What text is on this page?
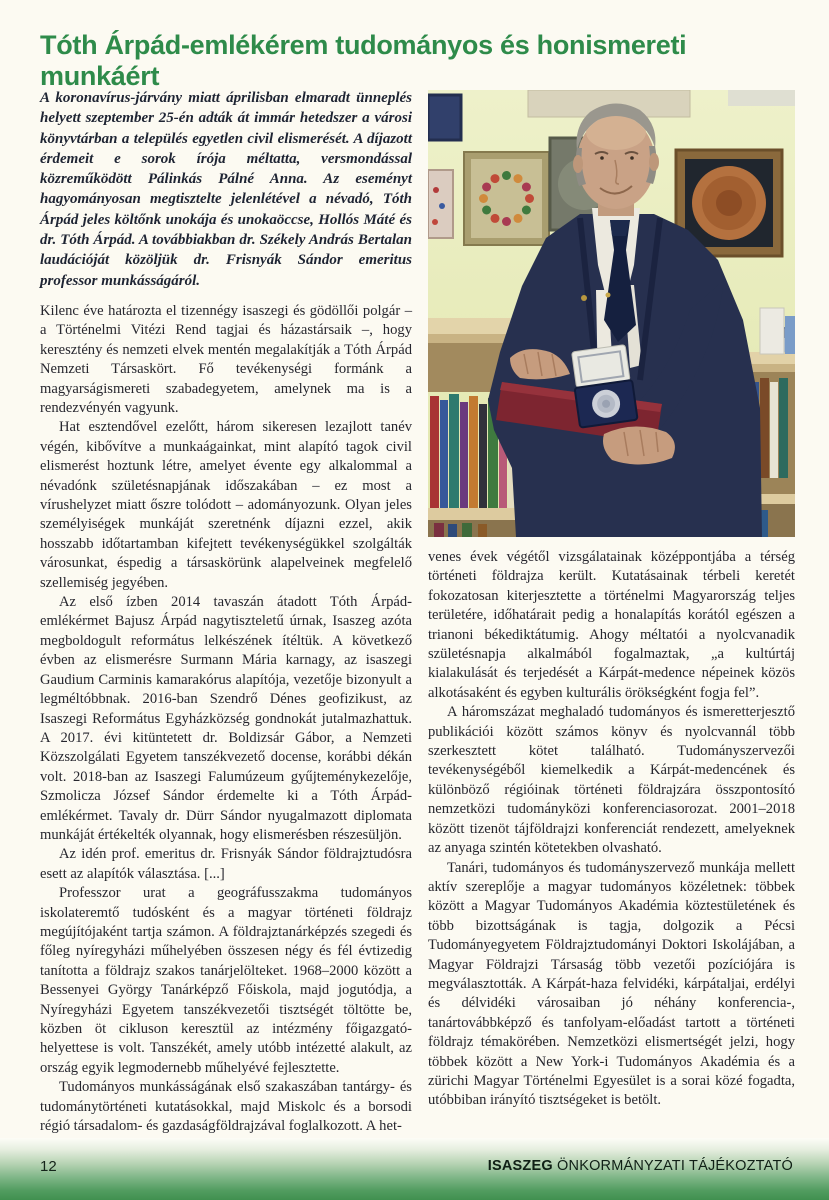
Tóth Árpád-emlékérem tudományos és honismereti munkáért

A koronavírus-járvány miatt áprilisban elmaradt ünneplés helyett szeptember 25-én adták át immár hetedszer a városi könyvtárban a település egyetlen civil elismerését. A díjazott érdemeit e sorok írója méltatta, versmondással közreműködött Pálinkás Pálné Anna. Az eseményt hagyományosan megtisztelte jelenlétével a névadó, Tóth Árpád jeles költőnk unokája és unokaöccse, Hollós Máté és dr. Tóth Árpád. A továbbiakban dr. Székely András Bertalan laudációját közöljük dr. Frisnyák Sándor emeritus professor munkásságáról.

Kilenc éve határozta el tizennégy isaszegi és gödöllői polgár – a Történelmi Vitézi Rend tagjai és házastársaik –, hogy keresztény és nemzeti elvek mentén megalakítják a Tóth Árpád Nemzeti Társaskört. Fő tevékenységi formánk a magyarságismereti szabadegyetem, amelynek ma is a rendezvényén vagyunk.

Hat esztendővel ezelőtt, három sikeresen lezajlott tanév végén, kibővítve a munkaágainkat, mint alapító tagok civil elismerést hoztunk létre, amelyet évente egy alkalommal a névadónk születésnapjának időszakában – ez most a vírushelyzet miatt őszre tolódott – adományozunk. Olyan jeles személyiségek munkáját szeretnénk díjazni ezzel, akik hosszabb időtartamban kifejtett tevékenységükkel szolgálták városunkat, éspedig a társaskörünk alapelveinek megfelelő szellemiség jegyében.

Az első ízben 2014 tavaszán átadott Tóth Árpád-emlékérmet Bajusz Árpád nagytiszteletű úrnak, Isaszeg azóta megboldogult református lelkészének ítéltük. A következő évben az elismerésre Surmann Mária karnagy, az isaszegi Gaudium Carminis kamarakórus alapítója, vezetője bizonyult a legméltóbbnak. 2016-ban Szendrő Dénes geofizikust, az Isaszegi Református Egyházközség gondnokát jutalmazhattuk. A 2017. évi kitüntetett dr. Boldizsár Gábor, a Nemzeti Közszolgálati Egyetem tanszékvezető docense, korábbi dékán volt. 2018-ban az Isaszegi Falumúzeum gyűjteménykezelője, Szmolicza József Sándor érdemelte ki a Tóth Árpád-emlékérmet. Tavaly dr. Dürr Sándor nyugalmazott diplomata munkáját értékelték olyannak, hogy elismerésben részesüljön.

Az idén prof. emeritus dr. Frisnyák Sándor földrajztudósra esett az alapítók választása. [...]

Professzor urat a geográfusszakma tudományos iskolateremtő tudósként és a magyar történeti földrajz megújítójaként tartja számon. A földrajztanárképzés szegedi és főleg nyíregyházi műhelyében összesen négy és fél évtizedig tanította a földrajz szakos tanárjelölteket. 1968–2000 között a Bessenyei György Tanárképző Főiskola, majd jogutódja, a Nyíregyházi Egyetem tanszékvezetői tisztségét töltötte be, közben öt cikluson keresztül az intézmény főigazgató-helyettese is volt. Tanszékét, amely utóbb intézetté alakult, az ország egyik legmodernebb műhelyévé fejlesztette.

Tudományos munkásságának első szakaszában tantárgy- és tudománytörténeti kutatásokkal, majd Miskolc és a borsodi régió társadalom- és gazdaságföldrajzával foglalkozott. A het-

venes évek végétől vizsgálatainak középpontjába a térség történeti földrajza került. Kutatásainak térbeli keretét fokozatosan kiterjesztette a történelmi Magyarország teljes területére, időhatárait pedig a honalapítás korától egészen a trianoni békediktátumig. Ahogy méltatói a nyolcvanadik születésnapja alkalmából fogalmaztak, „a kultúrtáj kialakulását és terjedését a Kárpát-medence népeinek közös alkotásaként és egyben kulturális örökségként fogja fel”.

A háromszázat meghaladó tudományos és ismeretterjesztő publikációi között számos könyv és nyolcvannál több szerkesztett kötet található. Tudományszervezői tevékenységéből kiemelkedik a Kárpát-medencének és különböző régióinak történeti földrajzára összpontosító nemzetközi tudományközi konferenciasorozat. 2001–2018 között tizenöt tájföldrajzi konferenciát rendezett, amelyeknek az anyaga szintén kötetekben olvasható.

Tanári, tudományos és tudományszervező munkája mellett aktív szereplője a magyar tudományos közéletnek: többek között a Magyar Tudományos Akadémia köztestületének és több bizottságának is tagja, dolgozik a Pécsi Tudományegyetem Földrajztudományi Doktori Iskolájában, a Magyar Földrajzi Társaság több vezetői pozíciójára is megválasztották. A Kárpát-haza felvidéki, kárpátaljai, erdélyi és délvidéki városaiban jó néhány konferencia-, tanártovábbképző és tanfolyam-előadást tartott a történeti földrajz témakörében. Nemzetközi elismertségét jelzi, hogy többek között a New York-i Tudományos Akadémia és a zürichi Magyar Történelmi Egyesület is a sorai közé fogadta, utóbbiban irányító tisztségeket is betölt.

12	ISASZEG ÖNKORMÁNYZATI TÁJÉKOZTATÓ
